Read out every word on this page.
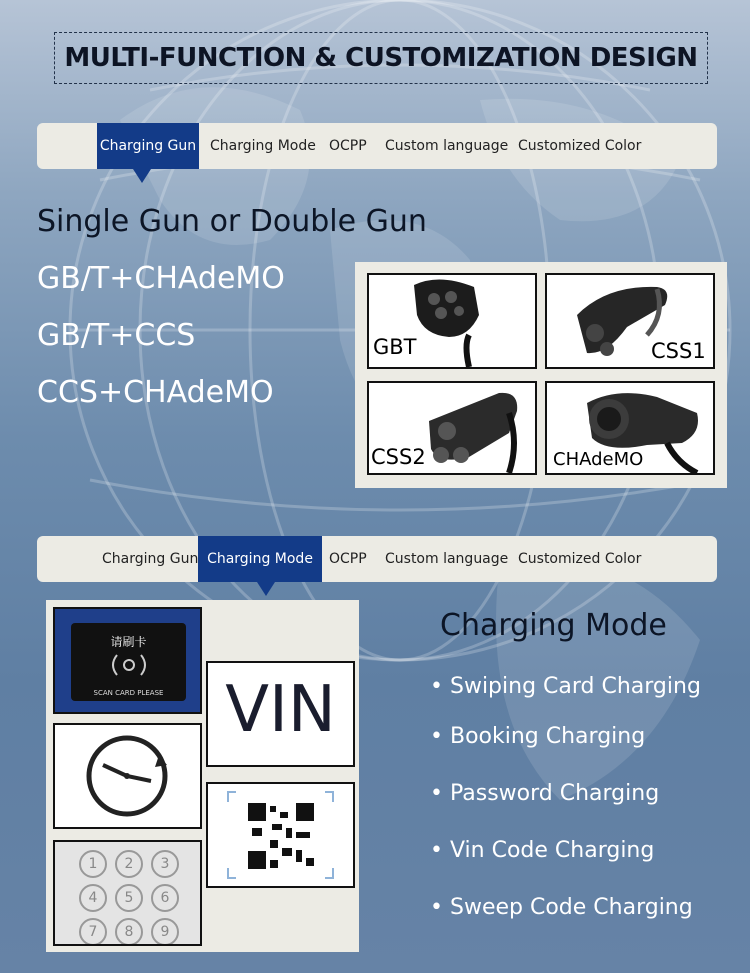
MULTI-FUNCTION & CUSTOMIZATION DESIGN
Charging Gun Charging Mode OCPP Custom language Customized Color
Single Gun or Double Gun
GB/T+CHAdeMO
GB/T+CCS
CCS+CHAdeMO
GBT	CSS1
CSS2	CHAdeMO
Charging Gun Charging Mode	OCPP Custom language Customized Color
请刷卡
SCAN CARD PLEASE VIN
1	2	3
4	5	6
7	8	9
Charging Mode
• Swiping Card Charging
• Booking Charging
• Password Charging
• Vin Code Charging
• Sweep Code Charging
